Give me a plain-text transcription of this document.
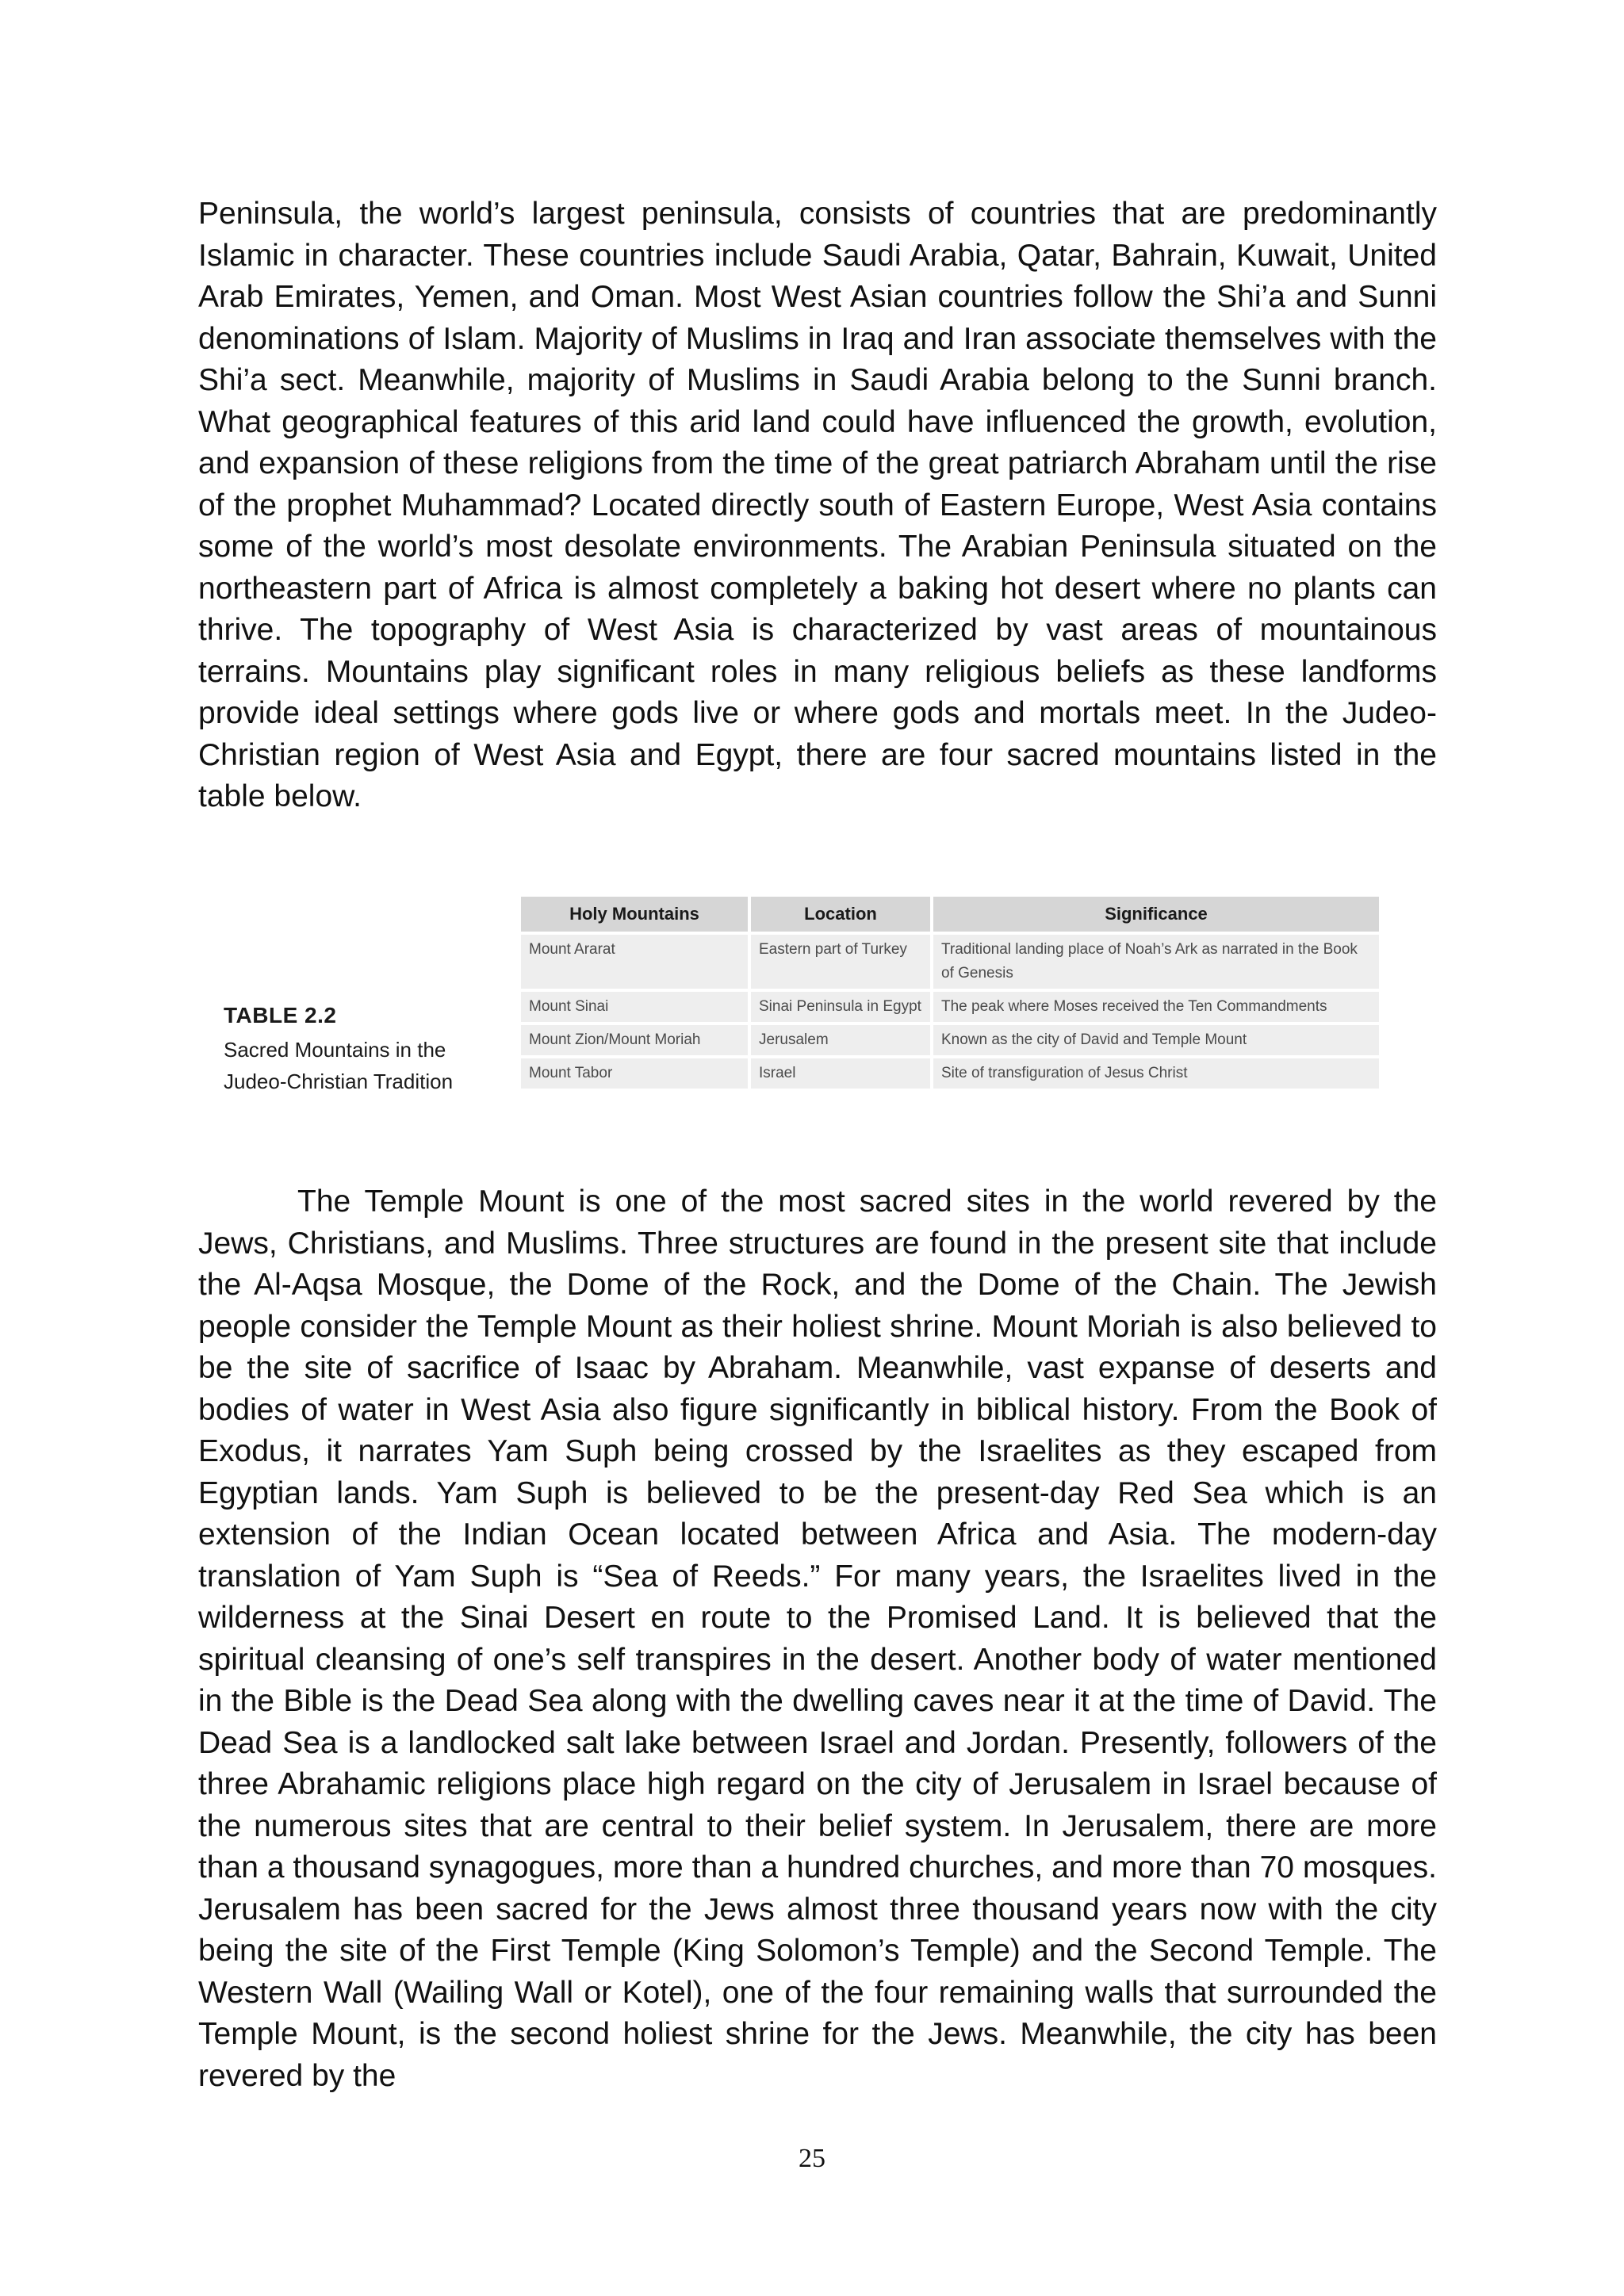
Peninsula, the world’s largest peninsula, consists of countries that are predominantly Islamic in character. These countries include Saudi Arabia, Qatar, Bahrain, Kuwait, United Arab Emirates, Yemen, and Oman. Most West Asian countries follow the Shi’a and Sunni denominations of Islam. Majority of Muslims in Iraq and Iran associate themselves with the Shi’a sect. Meanwhile, majority of Muslims in Saudi Arabia belong to the Sunni branch. What geographical features of this arid land could have influenced the growth, evolution, and expansion of these religions from the time of the great patriarch Abraham until the rise of the prophet Muhammad? Located directly south of Eastern Europe, West Asia contains some of the world’s most desolate environments. The Arabian Peninsula situated on the northeastern part of Africa is almost completely a baking hot desert where no plants can thrive. The topography of West Asia is characterized by vast areas of mountainous terrains. Mountains play significant roles in many religious beliefs as these landforms provide ideal settings where gods live or where gods and mortals meet. In the Judeo-Christian region of West Asia and Egypt, there are four sacred mountains listed in the table below.

TABLE 2.2
Sacred Mountains in the Judeo-Christian Tradition
Holy Mountains	Location	Significance
Mount Ararat	Eastern part of Turkey	Traditional landing place of Noah’s Ark as narrated in the Book of Genesis
Mount Sinai	Sinai Peninsula in Egypt	The peak where Moses received the Ten Commandments
Mount Zion/Mount Moriah	Jerusalem	Known as the city of David and Temple Mount
Mount Tabor	Israel	Site of transfiguration of Jesus Christ

The Temple Mount is one of the most sacred sites in the world revered by the Jews, Christians, and Muslims. Three structures are found in the present site that include the Al-Aqsa Mosque, the Dome of the Rock, and the Dome of the Chain. The Jewish people consider the Temple Mount as their holiest shrine. Mount Moriah is also believed to be the site of sacrifice of Isaac by Abraham. Meanwhile, vast expanse of deserts and bodies of water in West Asia also figure significantly in biblical history. From the Book of Exodus, it narrates Yam Suph being crossed by the Israelites as they escaped from Egyptian lands. Yam Suph is believed to be the present-day Red Sea which is an extension of the Indian Ocean located between Africa and Asia. The modern-day translation of Yam Suph is “Sea of Reeds.” For many years, the Israelites lived in the wilderness at the Sinai Desert en route to the Promised Land. It is believed that the spiritual cleansing of one’s self transpires in the desert. Another body of water mentioned in the Bible is the Dead Sea along with the dwelling caves near it at the time of David. The Dead Sea is a landlocked salt lake between Israel and Jordan. Presently, followers of the three Abrahamic religions place high regard on the city of Jerusalem in Israel because of the numerous sites that are central to their belief system. In Jerusalem, there are more than a thousand synagogues, more than a hundred churches, and more than 70 mosques. Jerusalem has been sacred for the Jews almost three thousand years now with the city being the site of the First Temple (King Solomon’s Temple) and the Second Temple. The Western Wall (Wailing Wall or Kotel), one of the four remaining walls that surrounded the Temple Mount, is the second holiest shrine for the Jews. Meanwhile, the city has been revered by the

25
